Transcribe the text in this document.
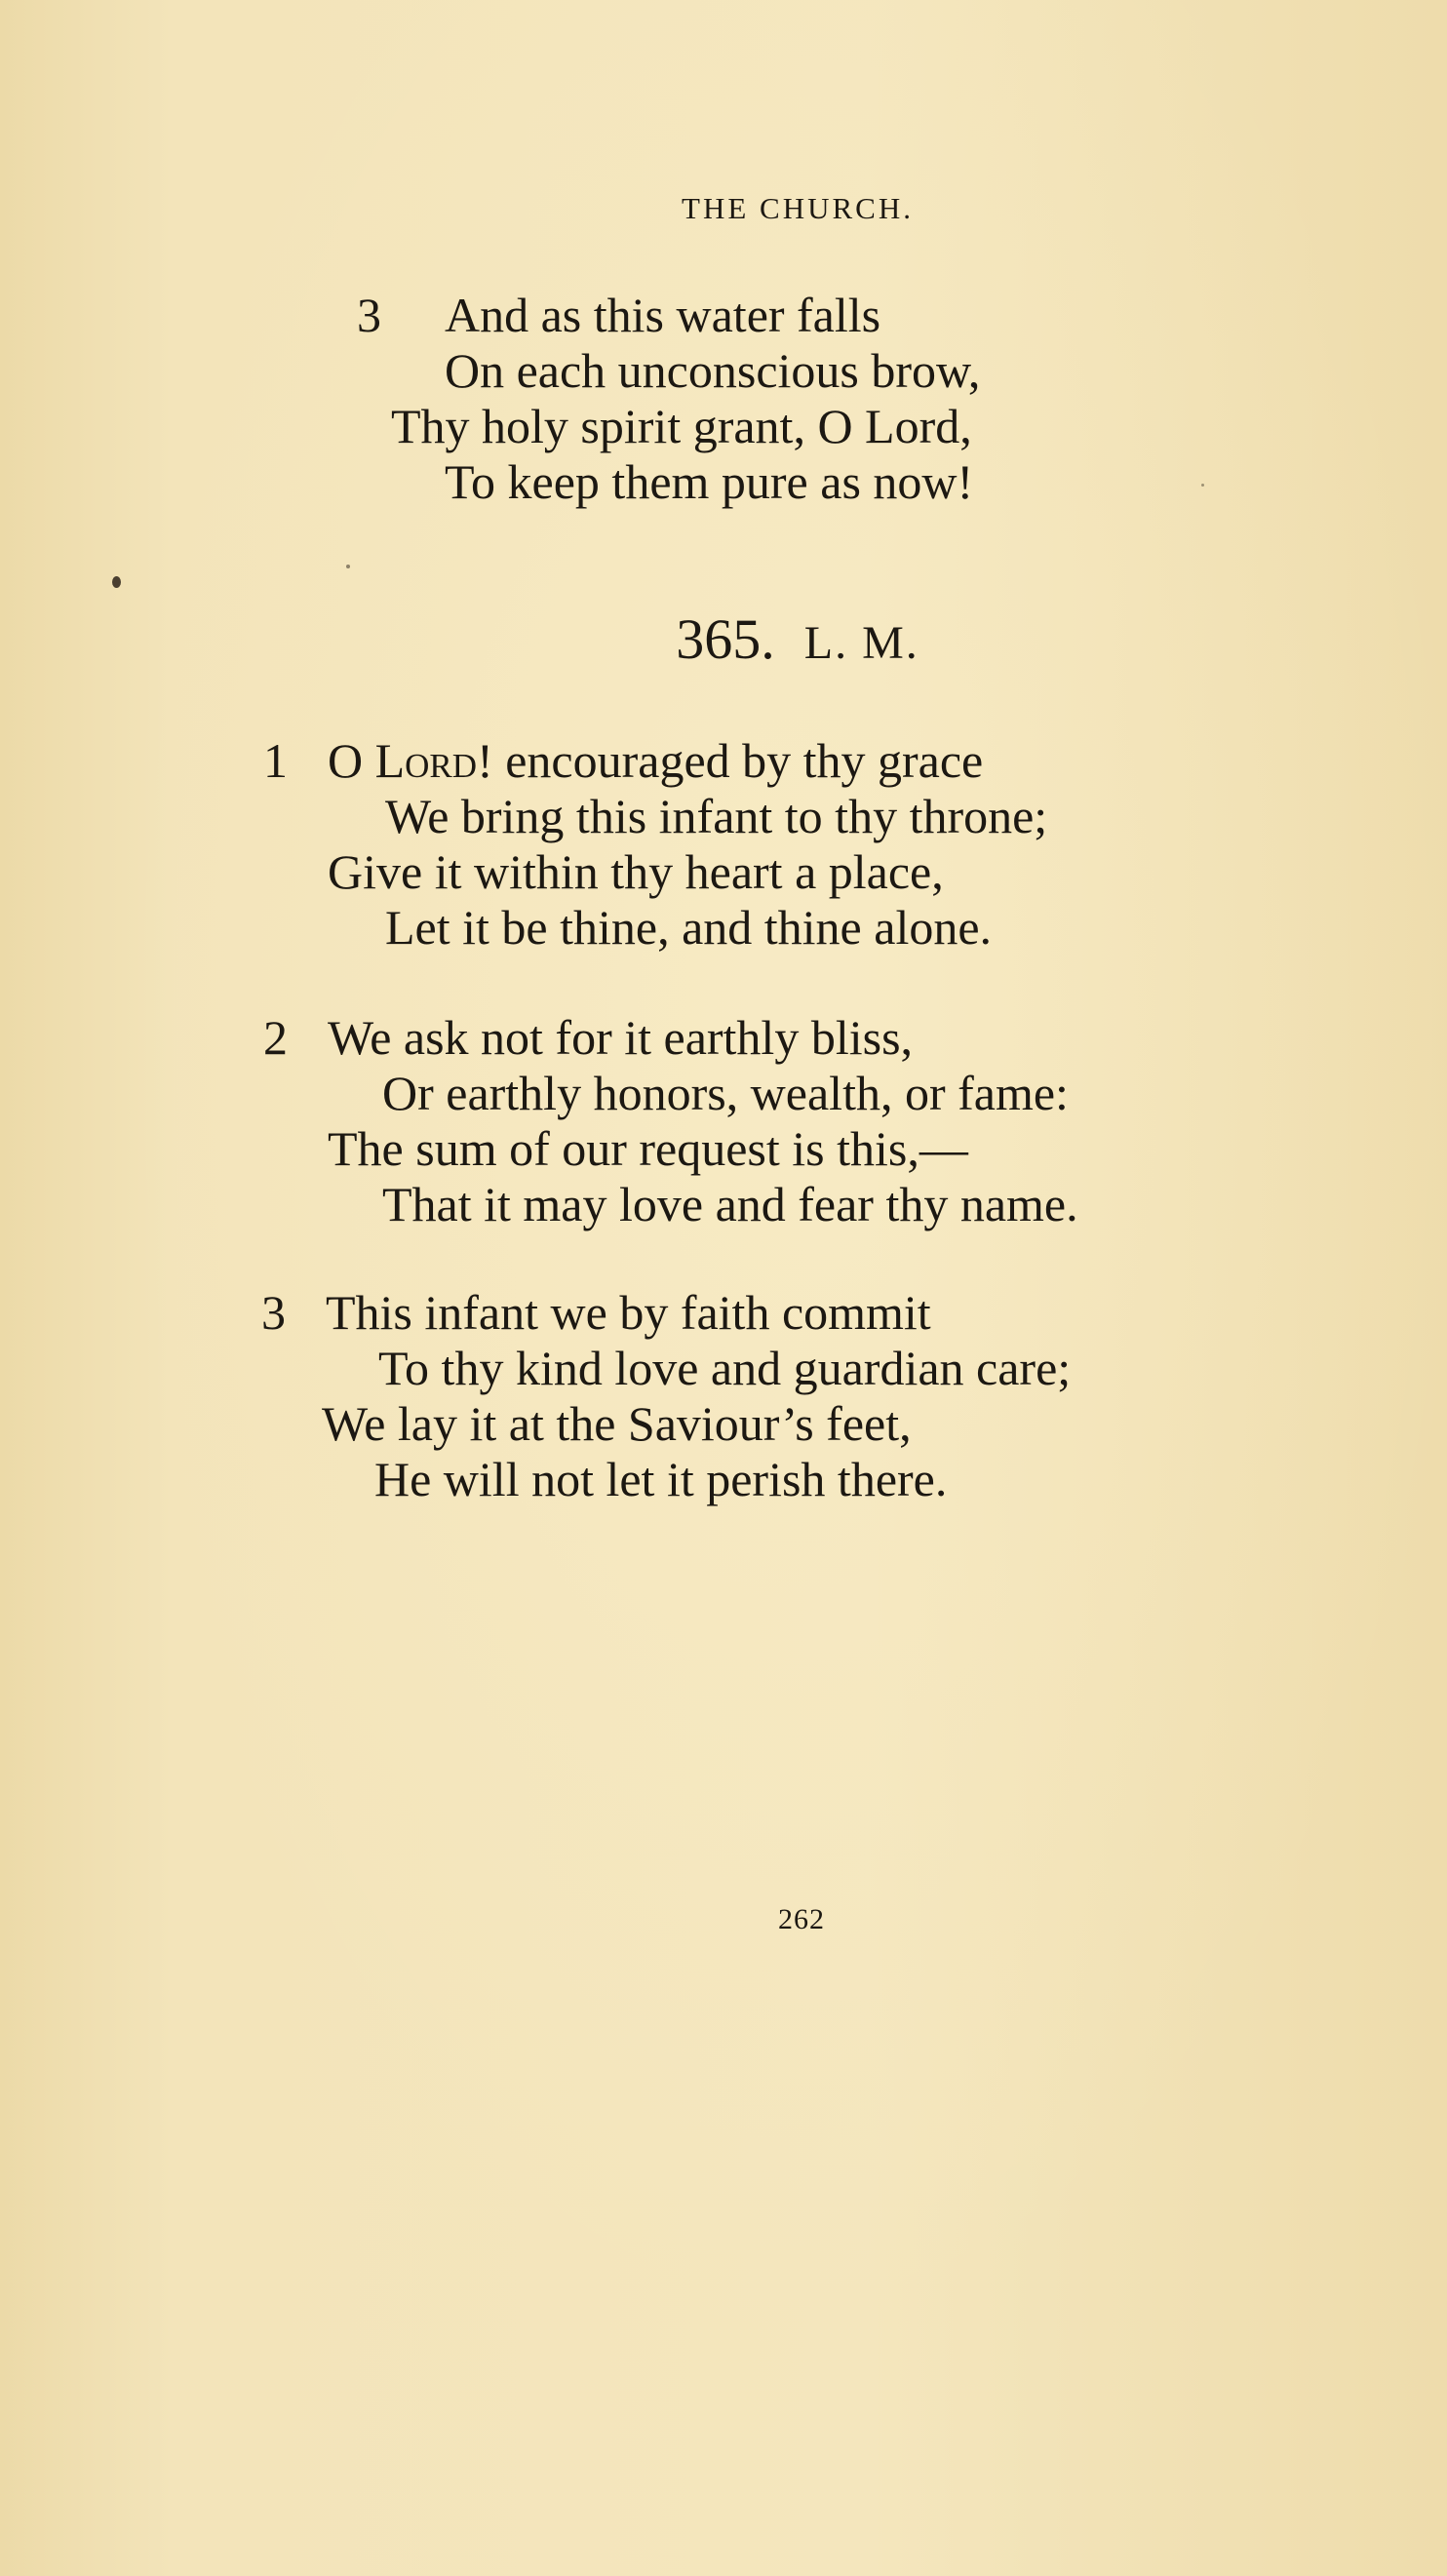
THE CHURCH.
3 And as this water falls
On each unconscious brow,
Thy holy spirit grant, O Lord,
To keep them pure as now!
365. L. M.
1 O Lord! encouraged by thy grace
We bring this infant to thy throne;
Give it within thy heart a place,
Let it be thine, and thine alone.
2 We ask not for it earthly bliss,
Or earthly honors, wealth, or fame:
The sum of our request is this,—
That it may love and fear thy name.
3 This infant we by faith commit
To thy kind love and guardian care;
We lay it at the Saviour’s feet,
He will not let it perish there.
262
